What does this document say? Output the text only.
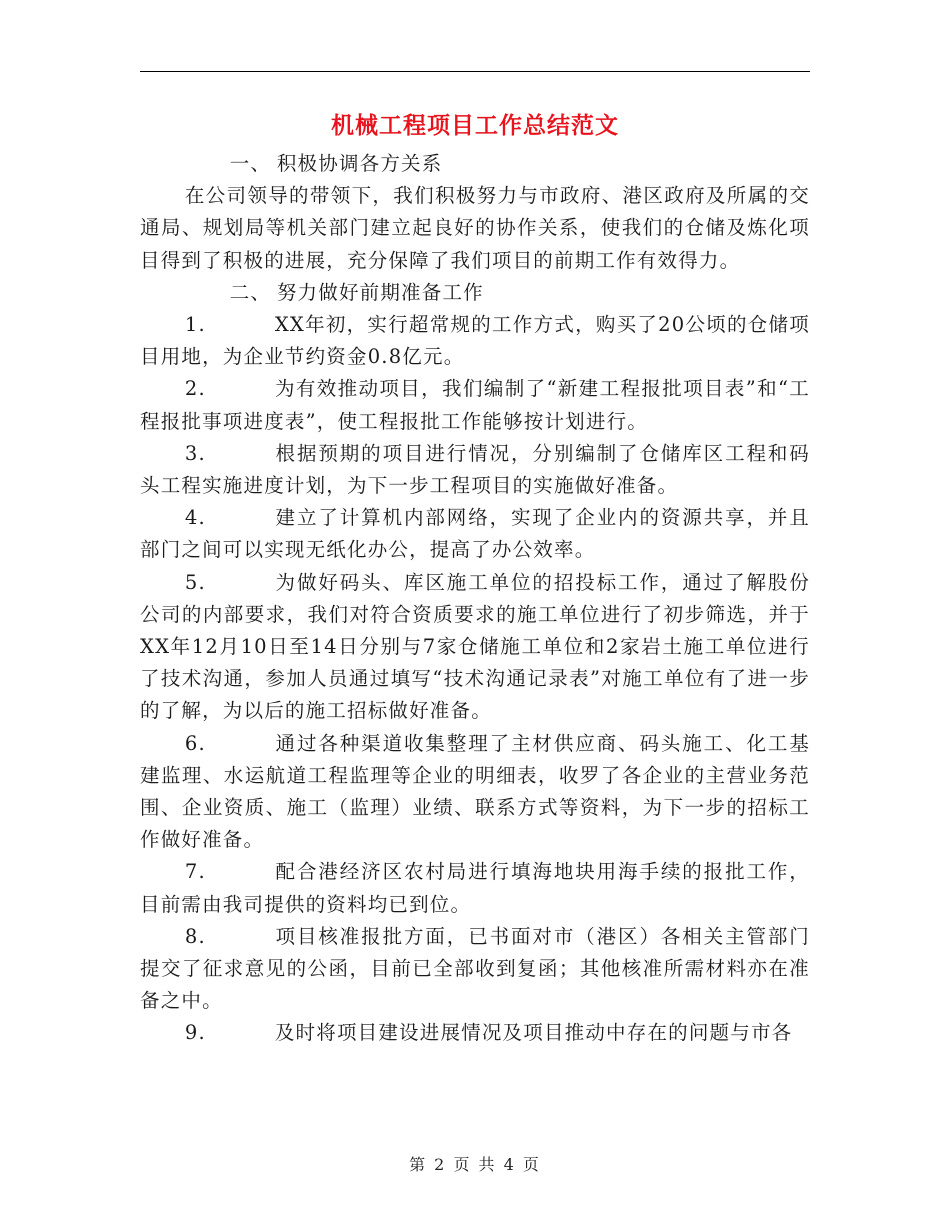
机械工程项目工作总结范文

一、 积极协调各方关系

在公司领导的带领下，我们积极努力与市政府、港区政府及所属的交通局、规划局等机关部门建立起良好的协作关系，使我们的仓储及炼化项目得到了积极的进展，充分保障了我们项目的前期工作有效得力。

二、 努力做好前期准备工作

1.	XX年初，实行超常规的工作方式，购买了20公顷的仓储项目用地，为企业节约资金0.8亿元。

2.	为有效推动项目，我们编制了“新建工程报批项目表”和“工程报批事项进度表”，使工程报批工作能够按计划进行。

3.	根据预期的项目进行情况，分别编制了仓储库区工程和码头工程实施进度计划，为下一步工程项目的实施做好准备。

4.	建立了计算机内部网络，实现了企业内的资源共享，并且部门之间可以实现无纸化办公，提高了办公效率。

5.	为做好码头、库区施工单位的招投标工作，通过了解股份公司的内部要求，我们对符合资质要求的施工单位进行了初步筛选，并于XX年12月10日至14日分别与7家仓储施工单位和2家岩土施工单位进行了技术沟通，参加人员通过填写“技术沟通记录表”对施工单位有了进一步的了解，为以后的施工招标做好准备。

6.	通过各种渠道收集整理了主材供应商、码头施工、化工基建监理、水运航道工程监理等企业的明细表，收罗了各企业的主营业务范围、企业资质、施工（监理）业绩、联系方式等资料，为下一步的招标工作做好准备。

7.	配合港经济区农村局进行填海地块用海手续的报批工作，目前需由我司提供的资料均已到位。

8.	项目核准报批方面，已书面对市（港区）各相关主管部门提交了征求意见的公函，目前已全部收到复函；其他核准所需材料亦在准备之中。

9.	及时将项目建设进展情况及项目推动中存在的问题与市各

第 2 页 共 4 页
